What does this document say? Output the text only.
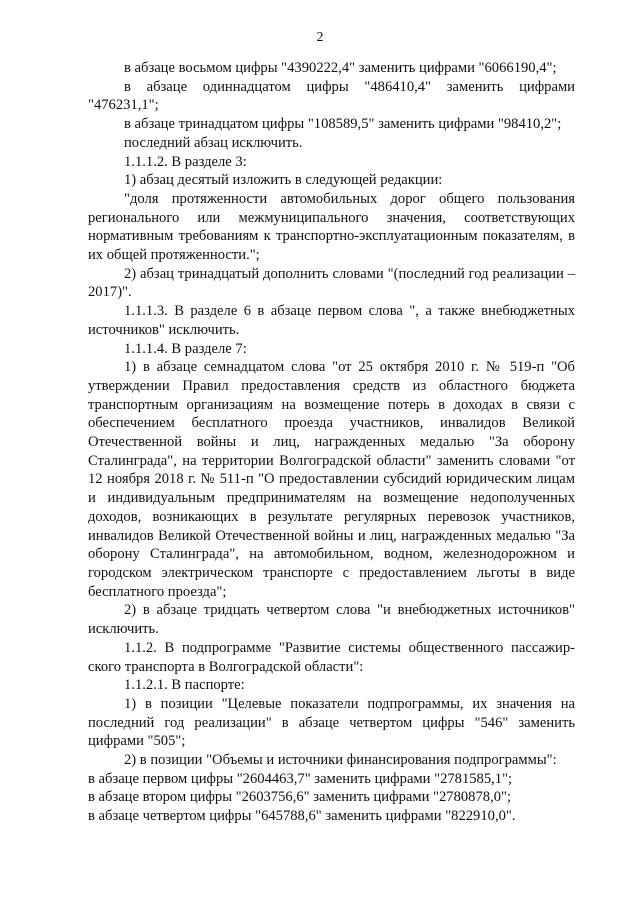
2

в абзаце восьмом цифры "4390222,4" заменить цифрами "6066190,4";

в абзаце одиннадцатом цифры "486410,4" заменить цифрами "476231,1";

в абзаце тринадцатом цифры "108589,5" заменить цифрами "98410,2";

последний абзац исключить.

1.1.1.2. В разделе 3:

1) абзац десятый изложить в следующей редакции:

"доля протяженности автомобильных дорог общего пользования регионального или межмуниципального значения, соответствующих нормативным требованиям к транспортно-эксплуатационным показателям, в их общей протяженности.";

2) абзац тринадцатый дополнить словами "(последний год реализации – 2017)".

1.1.1.3. В разделе 6 в абзаце первом слова ", а также внебюджетных источников" исключить.

1.1.1.4. В разделе 7:

1) в абзаце семнадцатом слова "от 25 октября 2010 г. № 519-п "Об утверждении Правил предоставления средств из областного бюджета транспортным организациям на возмещение потерь в доходах в связи с обеспечением бесплатного проезда участников, инвалидов Великой Отечественной войны и лиц, награжденных медалью "За оборону Сталинграда", на территории Волгоградской области" заменить словами "от 12 ноября 2018 г. № 511-п "О предоставлении субсидий юридическим лицам и индивидуальным предпринимателям на возмещение недополученных доходов, возникающих в результате регулярных перевозок участников, инвалидов Великой Отечественной войны и лиц, награжденных медалью "За оборону Сталинграда", на автомобильном, водном, железнодорожном и городском электрическом транспорте с предоставлением льготы в виде бесплатного проезда";

2) в абзаце тридцать четвертом слова "и внебюджетных источников" исключить.

1.1.2. В подпрограмме "Развитие системы общественного пассажир-ского транспорта в Волгоградской области":

1.1.2.1. В паспорте:

1) в позиции "Целевые показатели подпрограммы, их значения на последний год реализации" в абзаце четвертом цифры "546" заменить цифрами "505";

2) в позиции "Объемы и источники финансирования подпрограммы":

в абзаце первом цифры "2604463,7" заменить цифрами "2781585,1";

в абзаце втором цифры "2603756,6" заменить цифрами "2780878,0";

в абзаце четвертом цифры "645788,6" заменить цифрами "822910,0".
